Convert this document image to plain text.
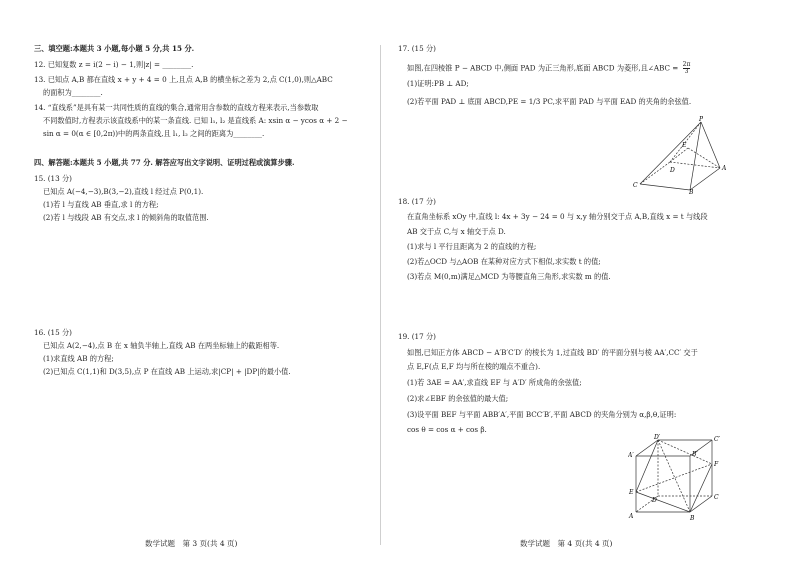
三、填空题:本题共 3 小题,每小题 5 分,共 15 分.
12. 已知复数 z = i(2 − i) − 1,则|z| = ________.
13. 已知点 A,B 都在直线 x + y + 4 = 0 上,且点 A,B 的横坐标之差为 2,点 C(1,0),则△ABC
的面积为________.
14. “直线系”是具有某一共同性质的直线的集合,通常用含参数的直线方程来表示,当参数取
不同数值时,方程表示该直线系中的某一条直线. 已知 l₁, l₂ 是直线系 A: xsin α − ycos α + 2 −
sin α = 0(α ∈ [0,2π))中的两条直线,且 l₁, l₂ 之间的距离为________.
四、解答题:本题共 5 小题,共 77 分. 解答应写出文字说明、证明过程或演算步骤.
15. (13 分)
已知点 A(−4,−3),B(3,−2),直线 l 经过点 P(0,1).
(1)若 l 与直线 AB 垂直,求 l 的方程;
(2)若 l 与线段 AB 有交点,求 l 的倾斜角的取值范围.
16. (15 分)
已知点 A(2,−4),点 B 在 x 轴负半轴上,直线 AB 在两坐标轴上的截距相等.
(1)求直线 AB 的方程;
(2)已知点 C(1,1)和 D(3,5),点 P 在直线 AB 上运动,求|CP| + |DP|的最小值.
数学试题　第 3 页(共 4 页)
17. (15 分)
如图,在四棱锥 P − ABCD 中,侧面 PAD 为正三角形,底面 ABCD 为菱形,且∠ABC = $\frac{2\pi}{3}$
(1)证明:PB ⊥ AD;
(2)若平面 PAD ⊥ 底面 ABCD,PE = 1/3 PC,求平面 PAD 与平面 EAD 的夹角的余弦值.
P
E
D	A
C
B
18. (17 分)
在直角坐标系 xOy 中,直线 l: 4x + 3y − 24 = 0 与 x,y 轴分别交于点 A,B,直线 x = t 与线段
AB 交于点 C,与 x 轴交于点 D.
(1)求与 l 平行且距离为 2 的直线的方程;
(2)若△OCD 与△AOB 在某种对应方式下相似,求实数 t 的值;
(3)若点 M(0,m)满足△MCD 为等腰直角三角形,求实数 m 的值.
19. (17 分)
如图,已知正方体 ABCD − A′B′C′D′ 的棱长为 1,过直线 BD′ 的平面分别与棱 AA′,CC′ 交于
点 E,F(点 E,F 均与所在棱的端点不重合).
(1)若 3AE = AA′,求直线 EF 与 A′D′ 所成角的余弦值;
(2)求∠EBF 的余弦值的最大值;
(3)设平面 BEF 与平面 ABB′A′,平面 BCC′B′,平面 ABCD 的夹角分别为 α,β,θ,证明:
cos θ = cos α + cos β.
D′	C′
A′	B′
F
E
D	C
A	B
数学试题　第 4 页(共 4 页)
